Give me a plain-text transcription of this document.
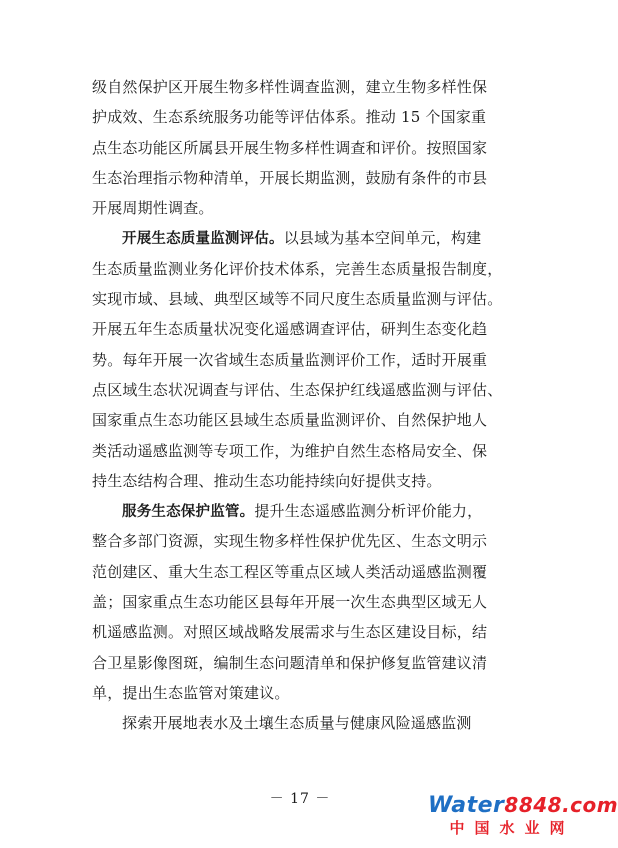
级自然保护区开展生物多样性调查监测，建立生物多样性保
护成效、生态系统服务功能等评估体系。推动 15 个国家重
点生态功能区所属县开展生物多样性调查和评价。按照国家
生态治理指示物种清单，开展长期监测，鼓励有条件的市县
开展周期性调查。
开展生态质量监测评估。以县域为基本空间单元，构建
生态质量监测业务化评价技术体系，完善生态质量报告制度，
实现市域、县域、典型区域等不同尺度生态质量监测与评估。
开展五年生态质量状况变化遥感调查评估，研判生态变化趋
势。每年开展一次省域生态质量监测评价工作，适时开展重
点区域生态状况调查与评估、生态保护红线遥感监测与评估、
国家重点生态功能区县域生态质量监测评价、自然保护地人
类活动遥感监测等专项工作，为维护自然生态格局安全、保
持生态结构合理、推动生态功能持续向好提供支持。
服务生态保护监管。提升生态遥感监测分析评价能力，
整合多部门资源，实现生物多样性保护优先区、生态文明示
范创建区、重大生态工程区等重点区域人类活动遥感监测覆
盖；国家重点生态功能区县每年开展一次生态典型区域无人
机遥感监测。对照区域战略发展需求与生态区建设目标，结
合卫星影像图斑，编制生态问题清单和保护修复监管建议清
单，提出生态监管对策建议。
探索开展地表水及土壤生态质量与健康风险遥感监测
－ 17 －	Water8848.com
中国水业网
